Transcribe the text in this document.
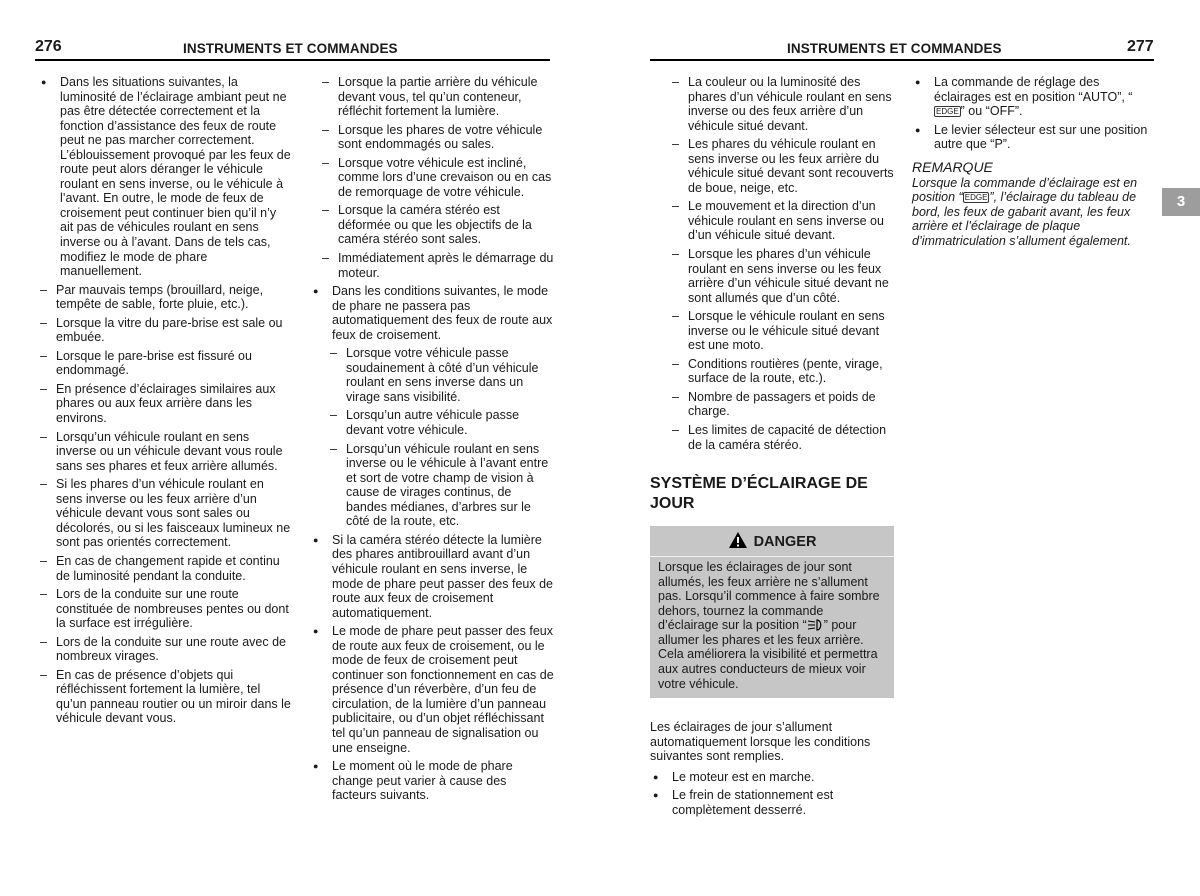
276	INSTRUMENTS ET COMMANDES	INSTRUMENTS ET COMMANDES	277
3
● Dans les situations suivantes, la luminosité de l’éclairage ambiant peut ne pas être détectée correctement et la fonction d’assistance des feux de route peut ne pas marcher correctement. L’éblouissement provoqué par les feux de route peut alors déranger le véhicule roulant en sens inverse, ou le véhicule à l’avant. En outre, le mode de feux de croisement peut continuer bien qu’il n’y ait pas de véhicules roulant en sens inverse ou à l’avant. Dans de tels cas, modifiez le mode de phare manuellement.
– Par mauvais temps (brouillard, neige, tempête de sable, forte pluie, etc.).
– Lorsque la vitre du pare-brise est sale ou embuée.
– Lorsque le pare-brise est fissuré ou endommagé.
– En présence d’éclairages similaires aux phares ou aux feux arrière dans les environs.
– Lorsqu’un véhicule roulant en sens inverse ou un véhicule devant vous roule sans ses phares et feux arrière allumés.
– Si les phares d’un véhicule roulant en sens inverse ou les feux arrière d’un véhicule devant vous sont sales ou décolorés, ou si les faisceaux lumineux ne sont pas orientés correctement.
– En cas de changement rapide et continu de luminosité pendant la conduite.
– Lors de la conduite sur une route constituée de nombreuses pentes ou dont la surface est irrégulière.
– Lors de la conduite sur une route avec de nombreux virages.
– En cas de présence d’objets qui réfléchissent fortement la lumière, tel qu’un panneau routier ou un miroir dans le véhicule devant vous.
– Lorsque la partie arrière du véhicule devant vous, tel qu’un conteneur, réfléchit fortement la lumière.
– Lorsque les phares de votre véhicule sont endommagés ou sales.
– Lorsque votre véhicule est incliné, comme lors d’une crevaison ou en cas de remorquage de votre véhicule.
– Lorsque la caméra stéréo est déformée ou que les objectifs de la caméra stéréo sont sales.
– Immédiatement après le démarrage du moteur.
● Dans les conditions suivantes, le mode de phare ne passera pas automatiquement des feux de route aux feux de croisement.
– Lorsque votre véhicule passe soudainement à côté d’un véhicule roulant en sens inverse dans un virage sans visibilité.
– Lorsqu’un autre véhicule passe devant votre véhicule.
– Lorsqu’un véhicule roulant en sens inverse ou le véhicule à l’avant entre et sort de votre champ de vision à cause de virages continus, de bandes médianes, d’arbres sur le côté de la route, etc.
● Si la caméra stéréo détecte la lumière des phares antibrouillard avant d’un véhicule roulant en sens inverse, le mode de phare peut passer des feux de route aux feux de croisement automatiquement.
● Le mode de phare peut passer des feux de route aux feux de croisement, ou le mode de feux de croisement peut continuer son fonctionnement en cas de présence d’un réverbère, d’un feu de circulation, de la lumière d’un panneau publicitaire, ou d’un objet réfléchissant tel qu’un panneau de signalisation ou une enseigne.
● Le moment où le mode de phare change peut varier à cause des facteurs suivants.
– La couleur ou la luminosité des phares d’un véhicule roulant en sens inverse ou des feux arrière d’un véhicule situé devant.
– Les phares du véhicule roulant en sens inverse ou les feux arrière du véhicule situé devant sont recouverts de boue, neige, etc.
– Le mouvement et la direction d’un véhicule roulant en sens inverse ou d’un véhicule situé devant.
– Lorsque les phares d’un véhicule roulant en sens inverse ou les feux arrière d’un véhicule situé devant ne sont allumés que d’un côté.
– Lorsque le véhicule roulant en sens inverse ou le véhicule situé devant est une moto.
– Conditions routières (pente, virage, surface de la route, etc.).
– Nombre de passagers et poids de charge.
– Les limites de capacité de détection de la caméra stéréo.
SYSTÈME D’ÉCLAIRAGE DE
JOUR
DANGER
Lorsque les éclairages de jour sont allumés, les feux arrière ne s’allument pas. Lorsqu’il commence à faire sombre dehors, tournez la commande d’éclairage sur la position “ ” pour allumer les phares et les feux arrière. Cela améliorera la visibilité et permettra aux autres conducteurs de mieux voir votre véhicule.
Les éclairages de jour s’allument automatiquement lorsque les conditions suivantes sont remplies.
● Le moteur est en marche.
● Le frein de stationnement est complètement desserré.
● La commande de réglage des éclairages est en position “AUTO”, “EDGE ” ou “OFF”.
● Le levier sélecteur est sur une position autre que “P”.
REMARQUE
Lorsque la commande d’éclairage est en position “ EDGE ”, l’éclairage du tableau de bord, les feux de gabarit avant, les feux arrière et l’éclairage de plaque d’immatriculation s’allument également.
